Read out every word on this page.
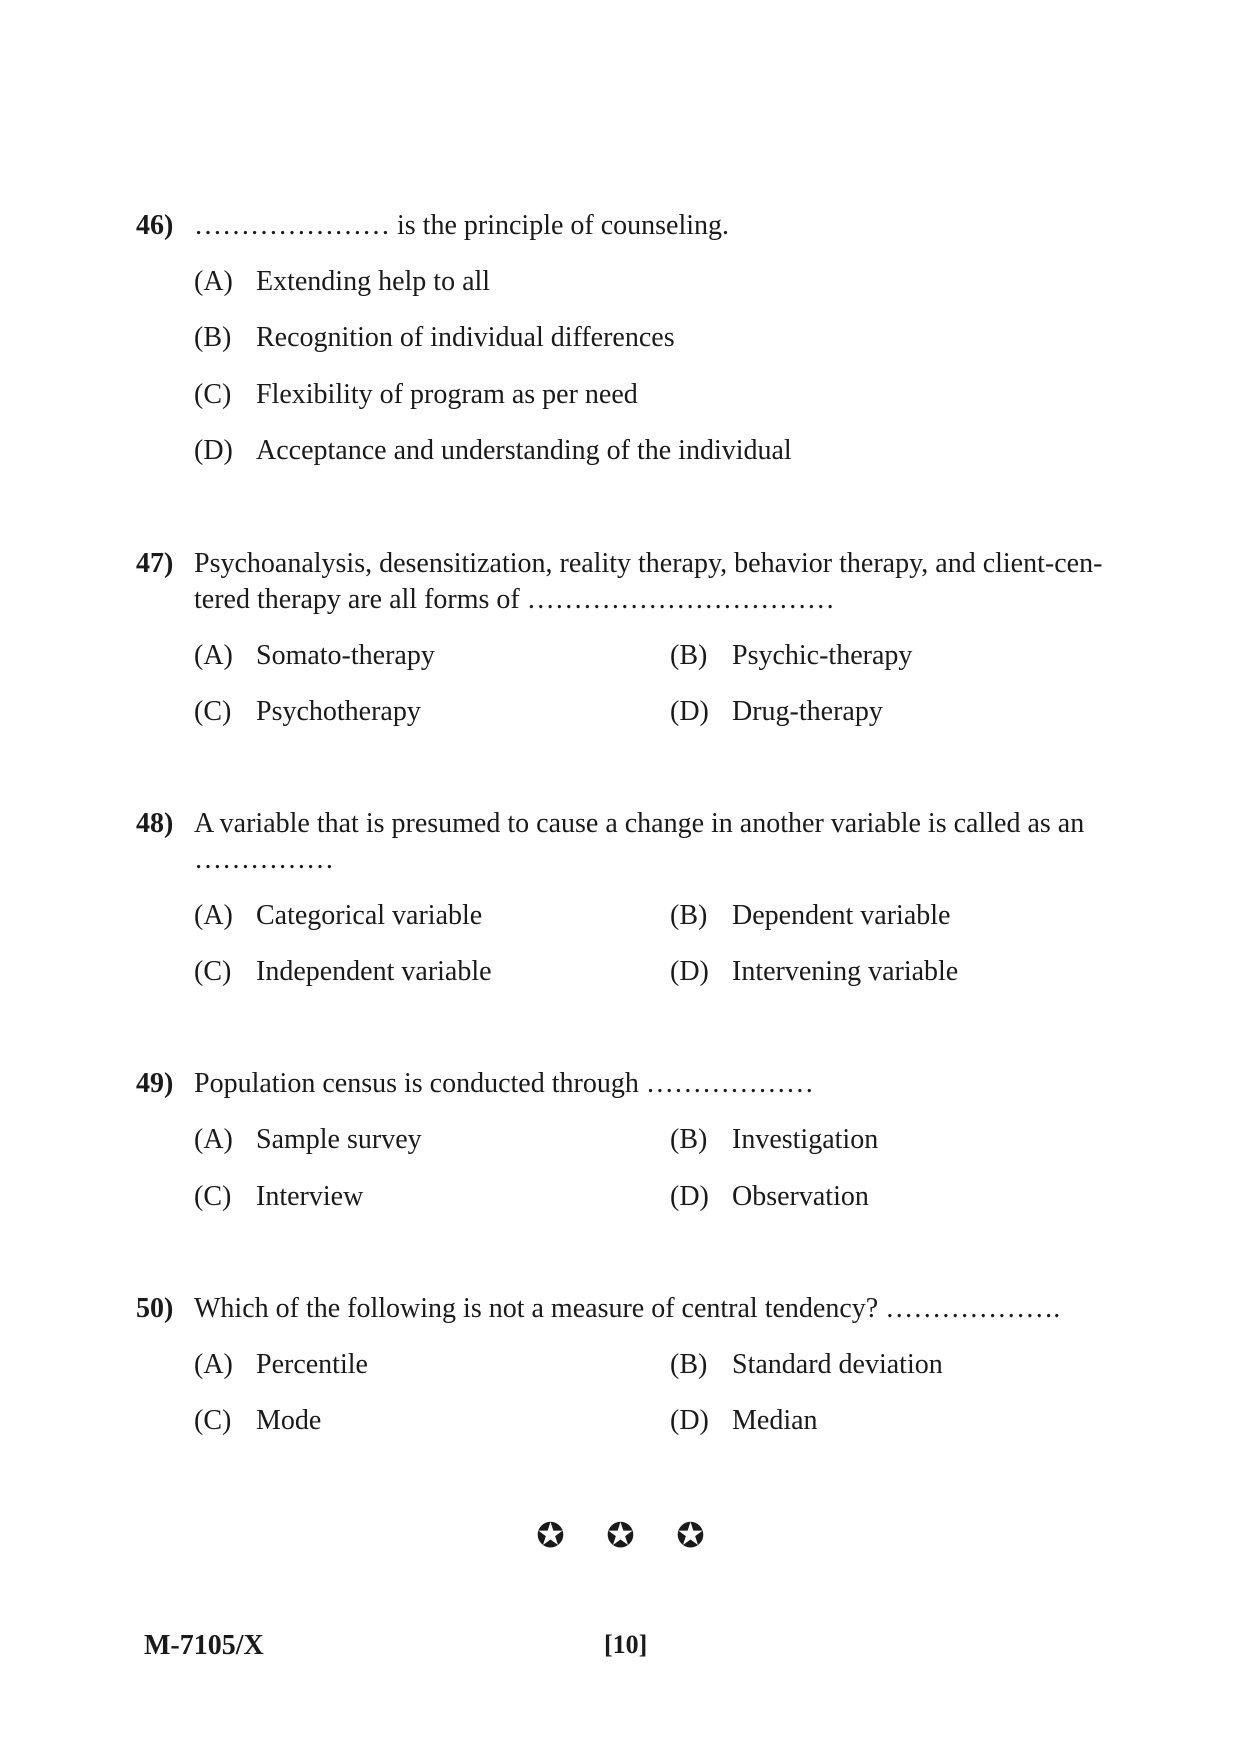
46) ………………… is the principle of counseling.
(A) Extending help to all
(B) Recognition of individual differences
(C) Flexibility of program as per need
(D) Acceptance and understanding of the individual
47) Psychoanalysis, desensitization, reality therapy, behavior therapy, and client-cen-
tered therapy are all forms of ……………………………
(A) Somato-therapy	(B) Psychic-therapy
(C) Psychotherapy	(D) Drug-therapy
48) A variable that is presumed to cause a change in another variable is called as an
……………
(A) Categorical variable	(B) Dependent variable
(C) Independent variable	(D) Intervening variable
49) Population census is conducted through ………………
(A) Sample survey	(B) Investigation
(C) Interview	(D) Observation
50) Which of the following is not a measure of central tendency? ……………….
(A) Percentile	(B) Standard deviation
(C) Mode	(D) Median
✪ ✪ ✪
M-7105/X	[10]
